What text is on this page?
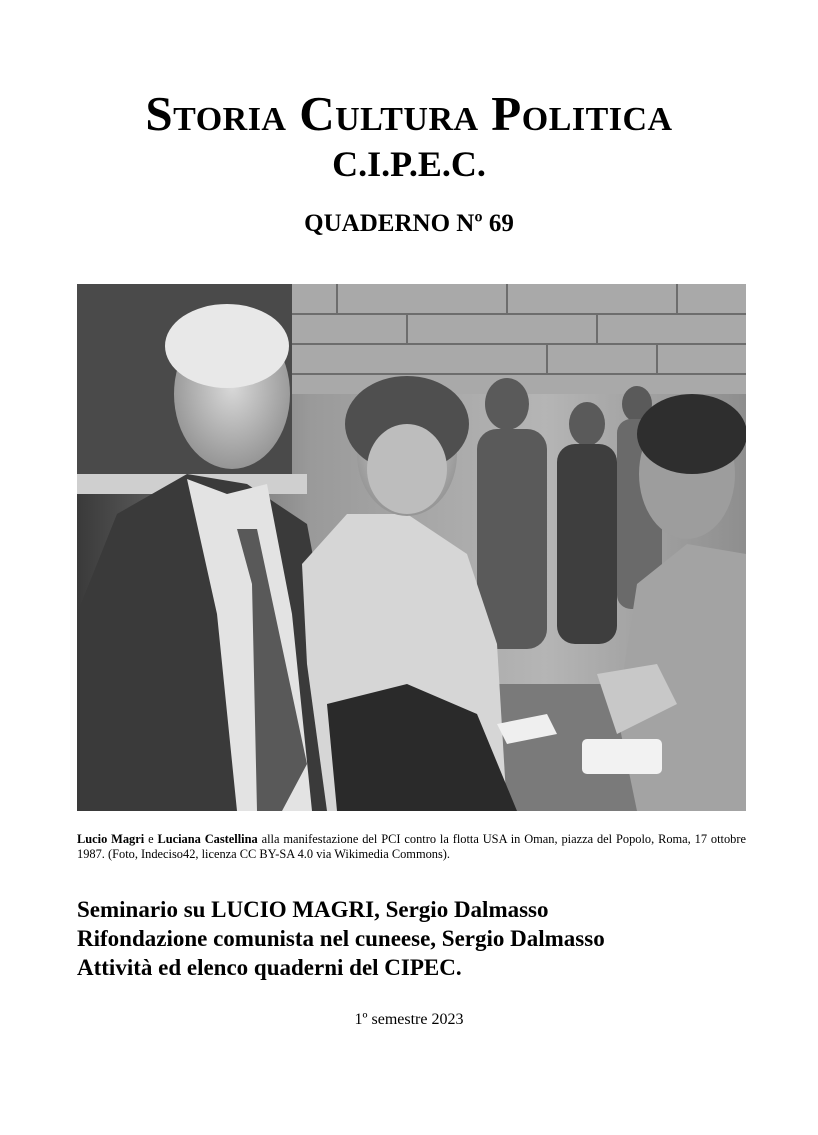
Storia Cultura Politica
C.I.P.E.C.
QUADERNO Nº 69
Lucio Magri e Luciana Castellina alla manifestazione del PCI contro la flotta USA in Oman, piazza del Popolo, Roma, 17 ottobre 1987. (Foto, Indeciso42, licenza CC BY-SA 4.0 via Wikimedia Commons).
Seminario su LUCIO MAGRI, Sergio Dalmasso
Rifondazione comunista nel cuneese, Sergio Dalmasso
Attività ed elenco quaderni del CIPEC.
1º semestre 2023
